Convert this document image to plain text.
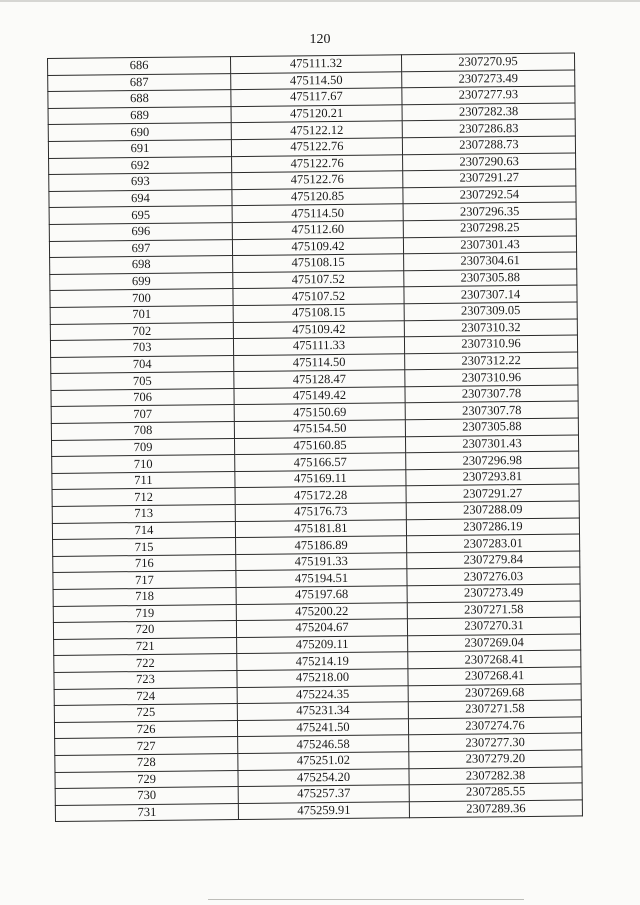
120
686	475111.32	2307270.95
687	475114.50	2307273.49
688	475117.67	2307277.93
689	475120.21	2307282.38
690	475122.12	2307286.83
691	475122.76	2307288.73
692	475122.76	2307290.63
693	475122.76	2307291.27
694	475120.85	2307292.54
695	475114.50	2307296.35
696	475112.60	2307298.25
697	475109.42	2307301.43
698	475108.15	2307304.61
699	475107.52	2307305.88
700	475107.52	2307307.14
701	475108.15	2307309.05
702	475109.42	2307310.32
703	475111.33	2307310.96
704	475114.50	2307312.22
705	475128.47	2307310.96
706	475149.42	2307307.78
707	475150.69	2307307.78
708	475154.50	2307305.88
709	475160.85	2307301.43
710	475166.57	2307296.98
711	475169.11	2307293.81
712	475172.28	2307291.27
713	475176.73	2307288.09
714	475181.81	2307286.19
715	475186.89	2307283.01
716	475191.33	2307279.84
717	475194.51	2307276.03
718	475197.68	2307273.49
719	475200.22	2307271.58
720	475204.67	2307270.31
721	475209.11	2307269.04
722	475214.19	2307268.41
723	475218.00	2307268.41
724	475224.35	2307269.68
725	475231.34	2307271.58
726	475241.50	2307274.76
727	475246.58	2307277.30
728	475251.02	2307279.20
729	475254.20	2307282.38
730	475257.37	2307285.55
731	475259.91	2307289.36
